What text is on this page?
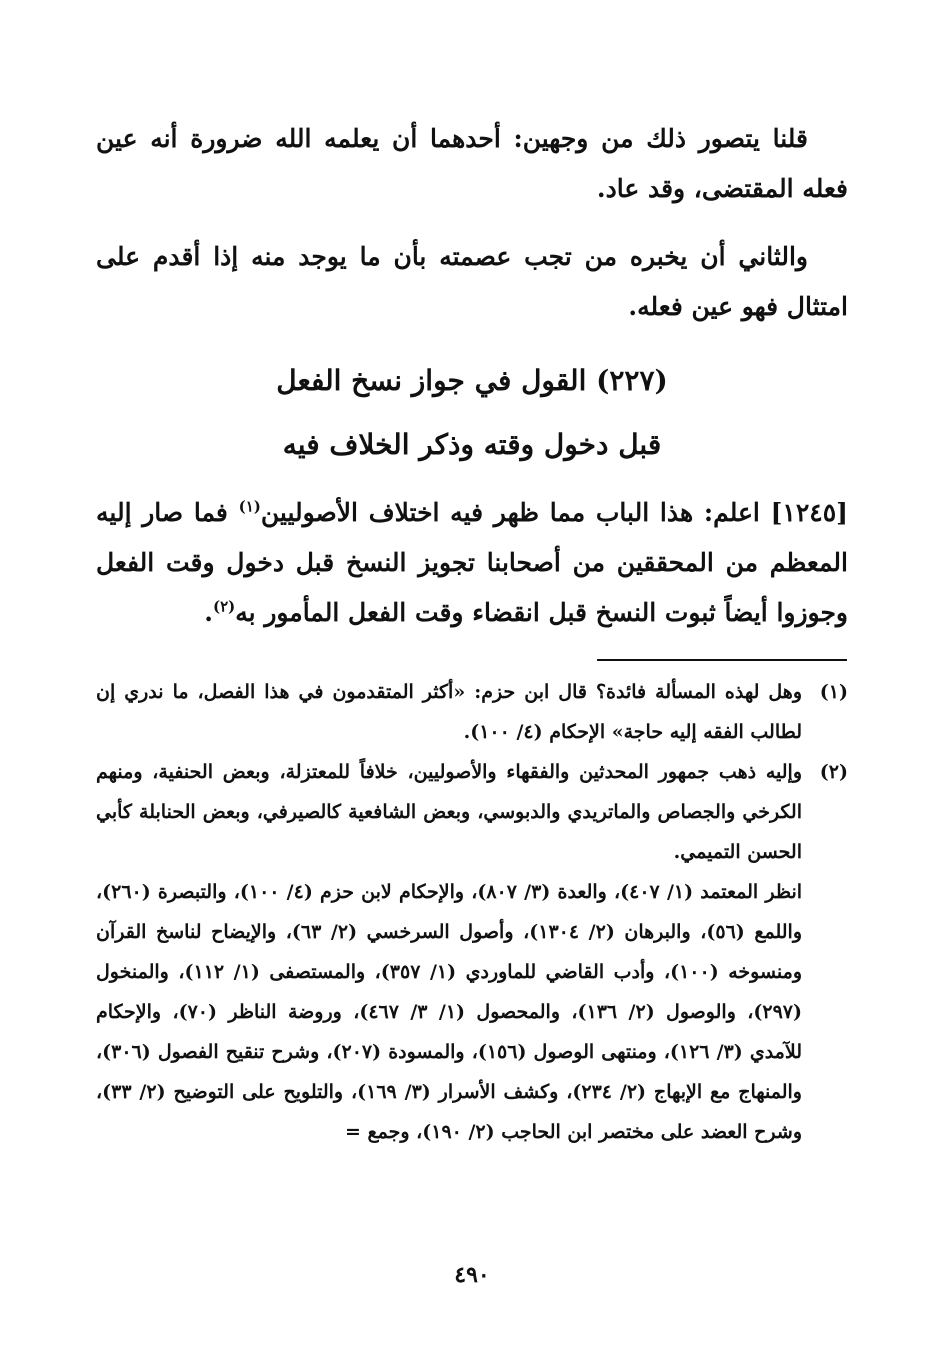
قلنا يتصور ذلك من وجهين: أحدهما أن يعلمه الله ضرورة أنه عين فعله المقتضى، وقد عاد.

والثاني أن يخبره من تجب عصمته بأن ما يوجد منه إذا أقدم على امتثال فهو عين فعله.

(٢٢٧) القول في جواز نسخ الفعل
قبل دخول وقته وذكر الخلاف فيه

[١٢٤٥] اعلم: هذا الباب مما ظهر فيه اختلاف الأصوليين$^{(١)}$ فما صار إليه المعظم من المحققين من أصحابنا تجويز النسخ قبل دخول وقت الفعل وجوزوا أيضاً ثبوت النسخ قبل انقضاء وقت الفعل المأمور به$^{(٢)}$.

(١)
وهل لهذه المسألة فائدة؟ قال ابن حزم: «أكثر المتقدمون في هذا الفصل، ما ندري إن لطالب الفقه إليه حاجة» الإحكام (٤/ ١٠٠).
(٢)
وإليه ذهب جمهور المحدثين والفقهاء والأصوليين، خلافاً للمعتزلة، وبعض الحنفية، ومنهم الكرخي والجصاص والماتريدي والدبوسي، وبعض الشافعية كالصيرفي، وبعض الحنابلة كأبي الحسن التميمي.
انظر المعتمد (١/ ٤٠٧)، والعدة (٣/ ٨٠٧)، والإحكام لابن حزم (٤/ ١٠٠)، والتبصرة (٢٦٠)، واللمع (٥٦)، والبرهان (٢/ ١٣٠٤)، وأصول السرخسي (٢/ ٦٣)، والإيضاح لناسخ القرآن ومنسوخه (١٠٠)، وأدب القاضي للماوردي (١/ ٣٥٧)، والمستصفى (١/ ١١٢)، والمنخول (٢٩٧)، والوصول (٢/ ١٣٦)، والمحصول (١/ ٣/ ٤٦٧)، وروضة الناظر (٧٠)، والإحكام للآمدي (٣/ ١٢٦)، ومنتهى الوصول (١٥٦)، والمسودة (٢٠٧)، وشرح تنقيح الفصول (٣٠٦)، والمنهاج مع الإبهاج (٢/ ٢٣٤)، وكشف الأسرار (٣/ ١٦٩)، والتلويح على التوضيح (٢/ ٣٣)، وشرح العضد على مختصر ابن الحاجب (٢/ ١٩٠)، وجمع =
٤٩٠
